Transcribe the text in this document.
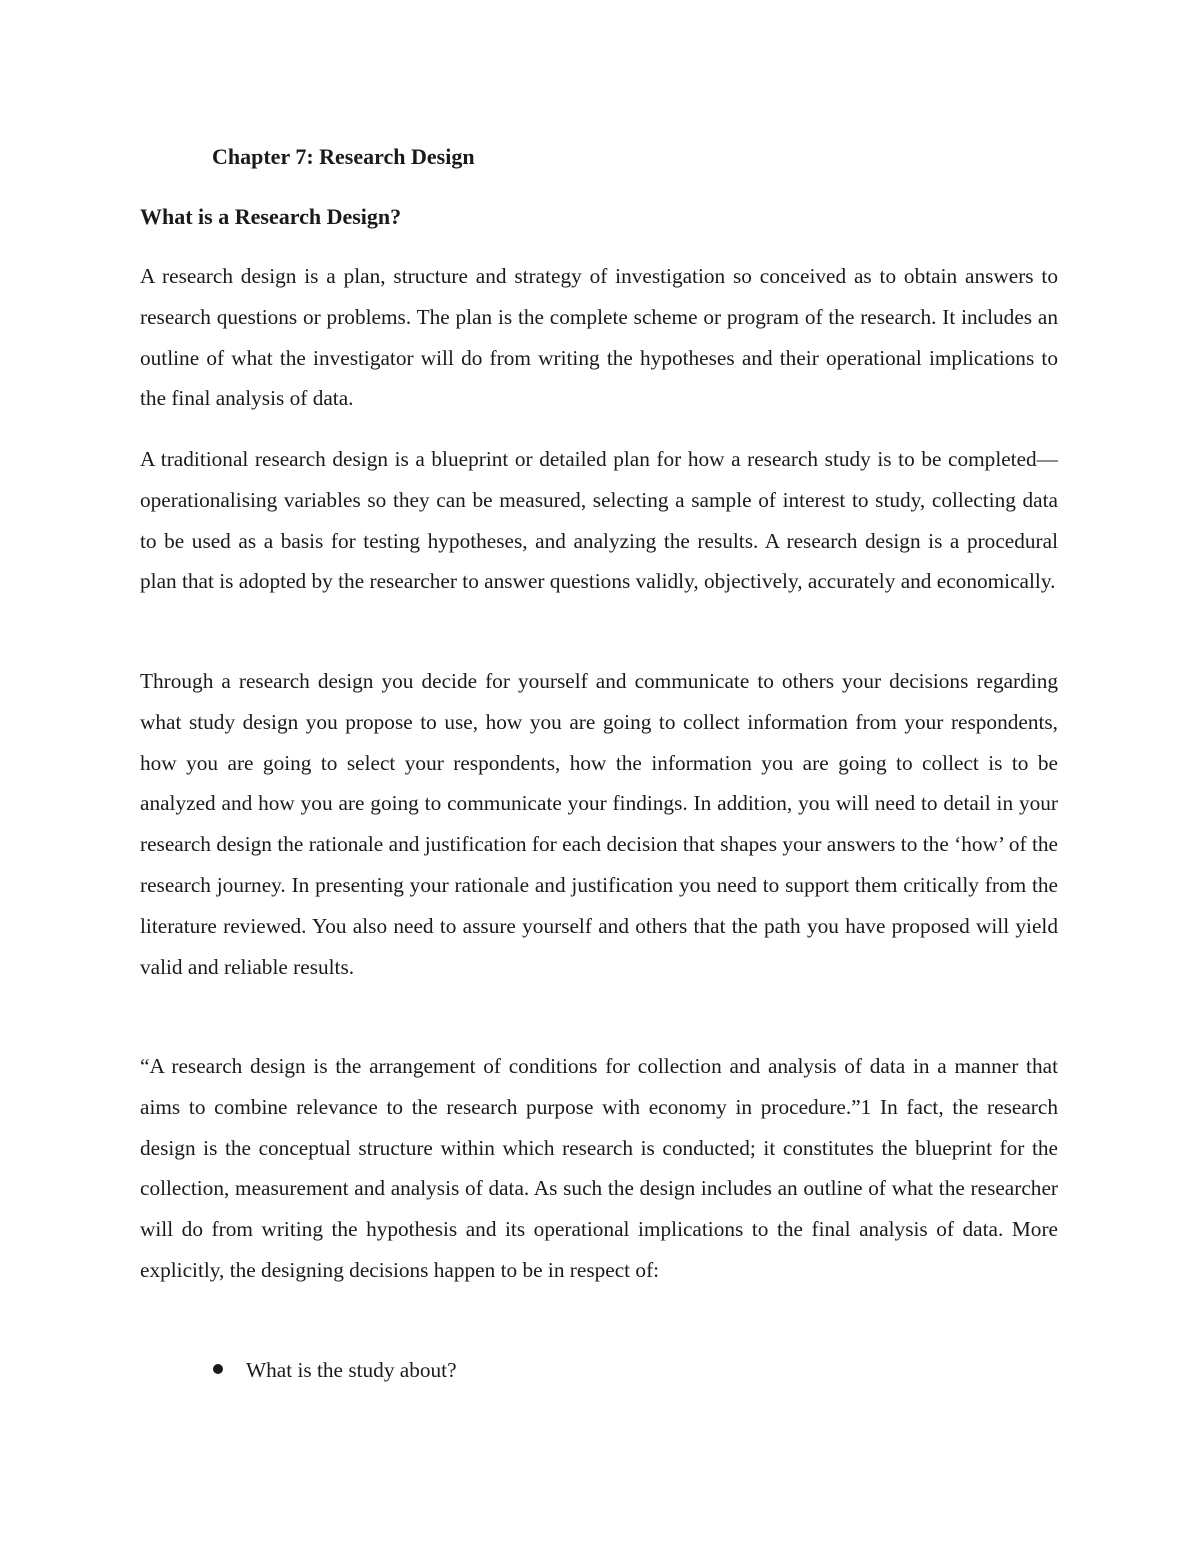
Chapter 7: Research Design
What is a Research Design?

A research design is a plan, structure and strategy of investigation so conceived as to obtain answers to research questions or problems. The plan is the complete scheme or program of the research. It includes an outline of what the investigator will do from writing the hypotheses and their operational implications to the final analysis of data.

A traditional research design is a blueprint or detailed plan for how a research study is to be completed—operationalising variables so they can be measured, selecting a sample of interest to study, collecting data to be used as a basis for testing hypotheses, and analyzing the results. A research design is a procedural plan that is adopted by the researcher to answer questions validly, objectively, accurately and economically.

Through a research design you decide for yourself and communicate to others your decisions regarding what study design you propose to use, how you are going to collect information from your respondents, how you are going to select your respondents, how the information you are going to collect is to be analyzed and how you are going to communicate your findings. In addition, you will need to detail in your research design the rationale and justification for each decision that shapes your answers to the ‘how’ of the research journey. In presenting your rationale and justification you need to support them critically from the literature reviewed. You also need to assure yourself and others that the path you have proposed will yield valid and reliable results.

“A research design is the arrangement of conditions for collection and analysis of data in a manner that aims to combine relevance to the research purpose with economy in procedure.”1 In fact, the research design is the conceptual structure within which research is conducted; it constitutes the blueprint for the collection, measurement and analysis of data. As such the design includes an outline of what the researcher will do from writing the hypothesis and its operational implications to the final analysis of data. More explicitly, the designing decisions happen to be in respect of:

What is the study about?
